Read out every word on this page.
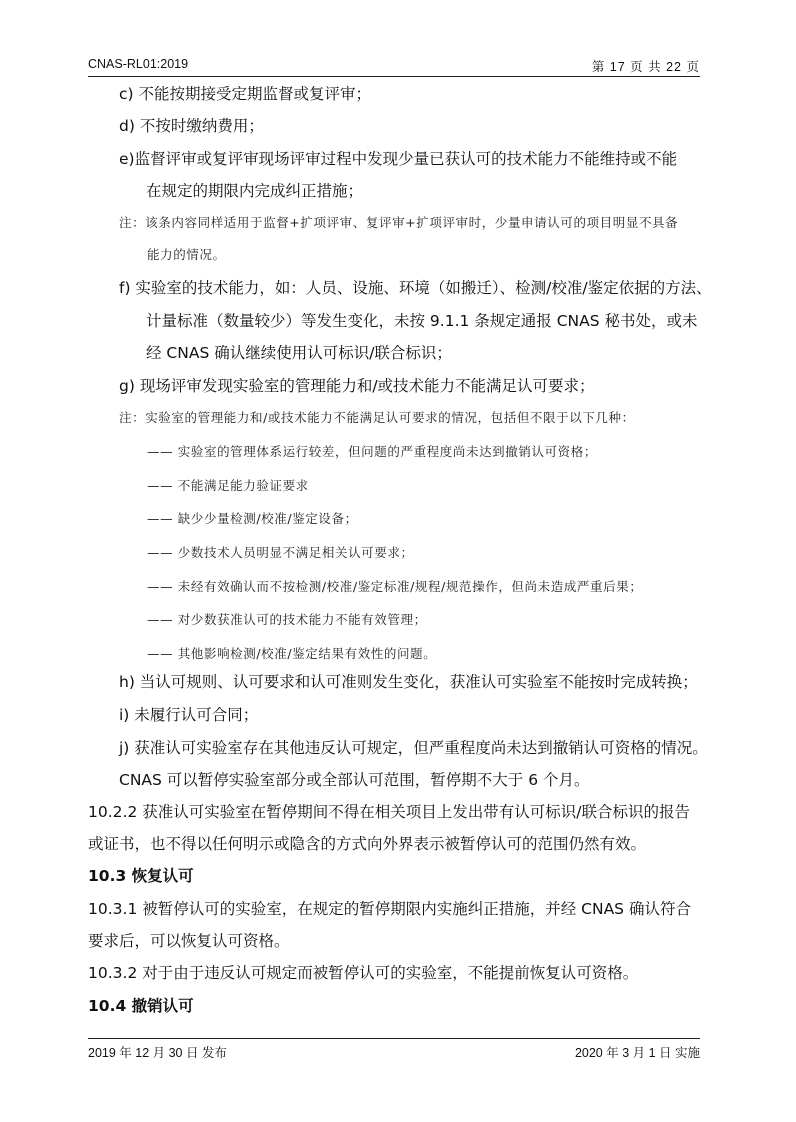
CNAS-RL01:2019	第 17 页 共 22 页
c) 不能按期接受定期监督或复评审；
d) 不按时缴纳费用；
e)监督评审或复评审现场评审过程中发现少量已获认可的技术能力不能维持或不能
在规定的期限内完成纠正措施；
注：该条内容同样适用于监督+扩项评审、复评审+扩项评审时，少量申请认可的项目明显不具备
能力的情况。
f) 实验室的技术能力，如：人员、设施、环境（如搬迁）、检测/校准/鉴定依据的方法、
计量标准（数量较少）等发生变化，未按 9.1.1 条规定通报 CNAS 秘书处，或未
经 CNAS 确认继续使用认可标识/联合标识；
g) 现场评审发现实验室的管理能力和/或技术能力不能满足认可要求；
注：实验室的管理能力和/或技术能力不能满足认可要求的情况，包括但不限于以下几种：
—— 实验室的管理体系运行较差，但问题的严重程度尚未达到撤销认可资格；
—— 不能满足能力验证要求
—— 缺少少量检测/校准/鉴定设备；
—— 少数技术人员明显不满足相关认可要求；
—— 未经有效确认而不按检测/校准/鉴定标准/规程/规范操作，但尚未造成严重后果；
—— 对少数获准认可的技术能力不能有效管理；
—— 其他影响检测/校准/鉴定结果有效性的问题。
h) 当认可规则、认可要求和认可准则发生变化，获准认可实验室不能按时完成转换；
i) 未履行认可合同；
j) 获准认可实验室存在其他违反认可规定，但严重程度尚未达到撤销认可资格的情况。
CNAS 可以暂停实验室部分或全部认可范围，暂停期不大于 6 个月。
10.2.2 获准认可实验室在暂停期间不得在相关项目上发出带有认可标识/联合标识的报告
或证书，也不得以任何明示或隐含的方式向外界表示被暂停认可的范围仍然有效。
10.3 恢复认可
10.3.1 被暂停认可的实验室，在规定的暂停期限内实施纠正措施，并经 CNAS 确认符合
要求后，可以恢复认可资格。
10.3.2 对于由于违反认可规定而被暂停认可的实验室，不能提前恢复认可资格。
10.4 撤销认可
2019 年 12 月 30 日 发布	2020 年 3 月 1 日 实施
